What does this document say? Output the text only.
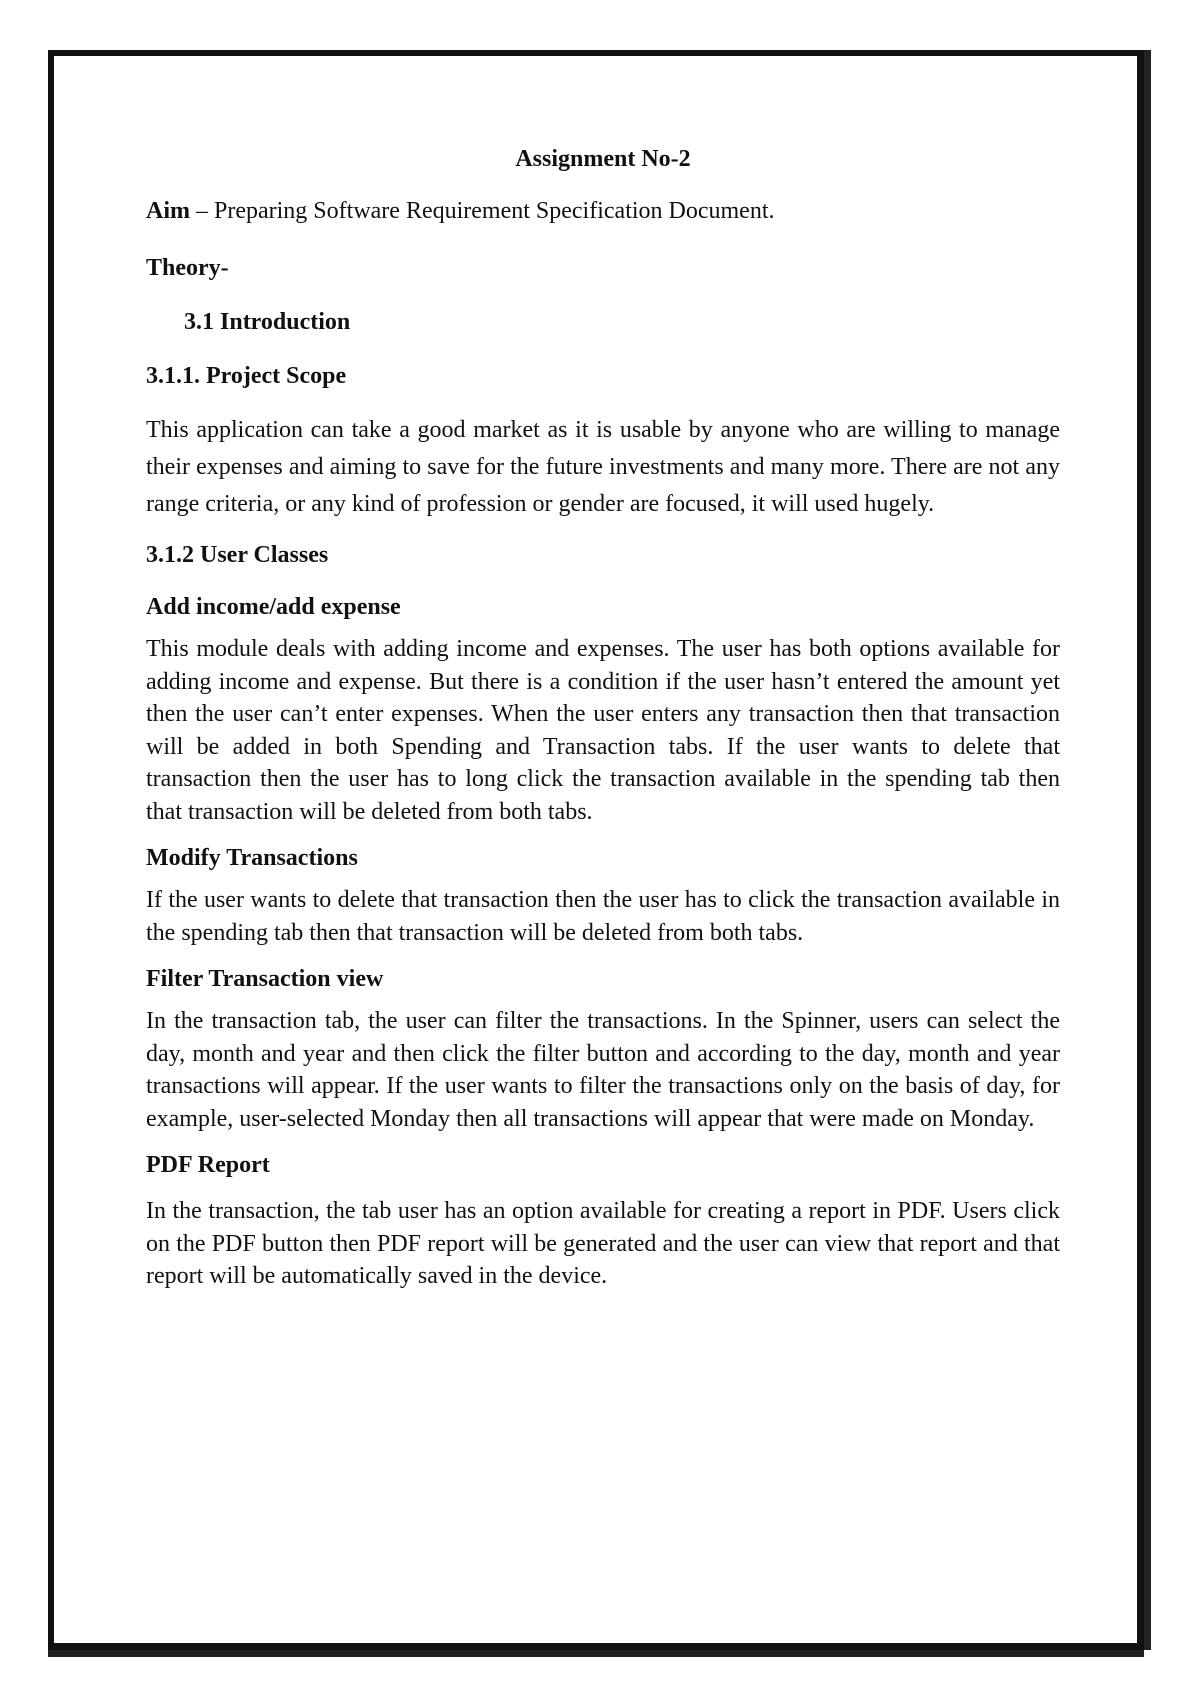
Assignment No-2
Aim – Preparing Software Requirement Specification Document.
Theory-
3.1 Introduction
3.1.1. Project Scope
This application can take a good market as it is usable by anyone who are willing to manage their expenses and aiming to save for the future investments and many more. There are not any range criteria, or any kind of profession or gender are focused, it will used hugely.
3.1.2 User Classes
Add income/add expense
This module deals with adding income and expenses. The user has both options available for adding income and expense. But there is a condition if the user hasn’t entered the amount yet then the user can’t enter expenses. When the user enters any transaction then that transaction will be added in both Spending and Transaction tabs. If the user wants to delete that transaction then the user has to long click the transaction available in the spending tab then that transaction will be deleted from both tabs.
Modify Transactions
If the user wants to delete that transaction then the user has to click the transaction available in the spending tab then that transaction will be deleted from both tabs.
Filter Transaction view
In the transaction tab, the user can filter the transactions. In the Spinner, users can select the day, month and year and then click the filter button and according to the day, month and year transactions will appear. If the user wants to filter the transactions only on the basis of day, for example, user-selected Monday then all transactions will appear that were made on Monday.
PDF Report
In the transaction, the tab user has an option available for creating a report in PDF. Users click on the PDF button then PDF report will be generated and the user can view that report and that report will be automatically saved in the device.
